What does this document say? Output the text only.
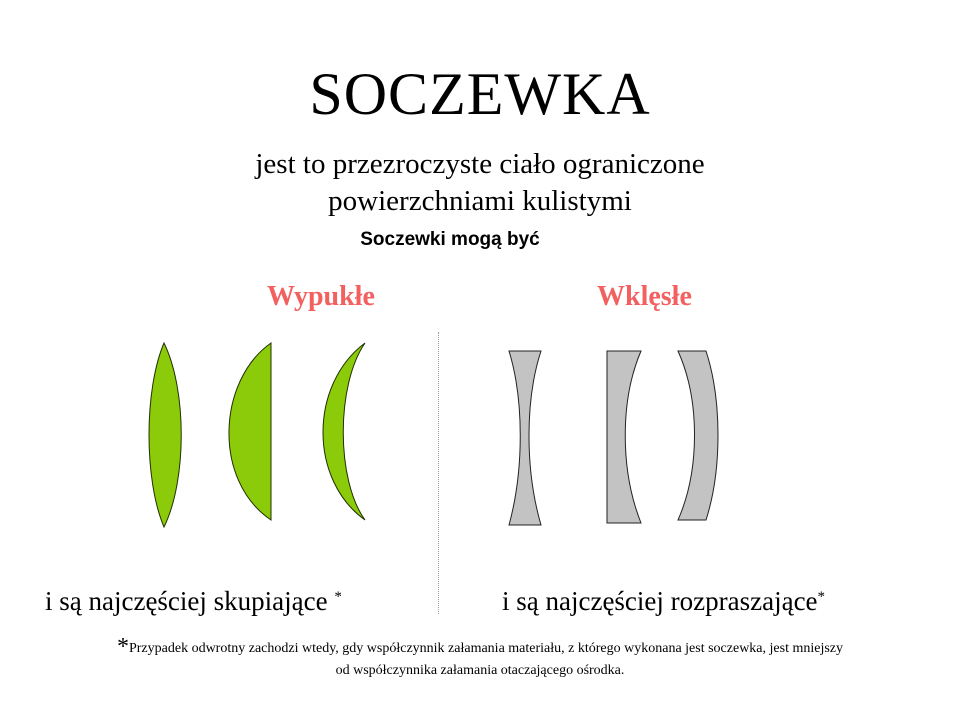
SOCZEWKA
jest to przezroczyste ciało ograniczone
powierzchniami kulistymi
Soczewki mogą być
Wypukłe	Wklęsłe
i są najczęściej skupiające *	i są najczęściej rozpraszające*
*Przypadek odwrotny zachodzi wtedy, gdy współczynnik załamania materiału, z którego wykonana jest soczewka, jest mniejszy
od współczynnika załamania otaczającego ośrodka.
